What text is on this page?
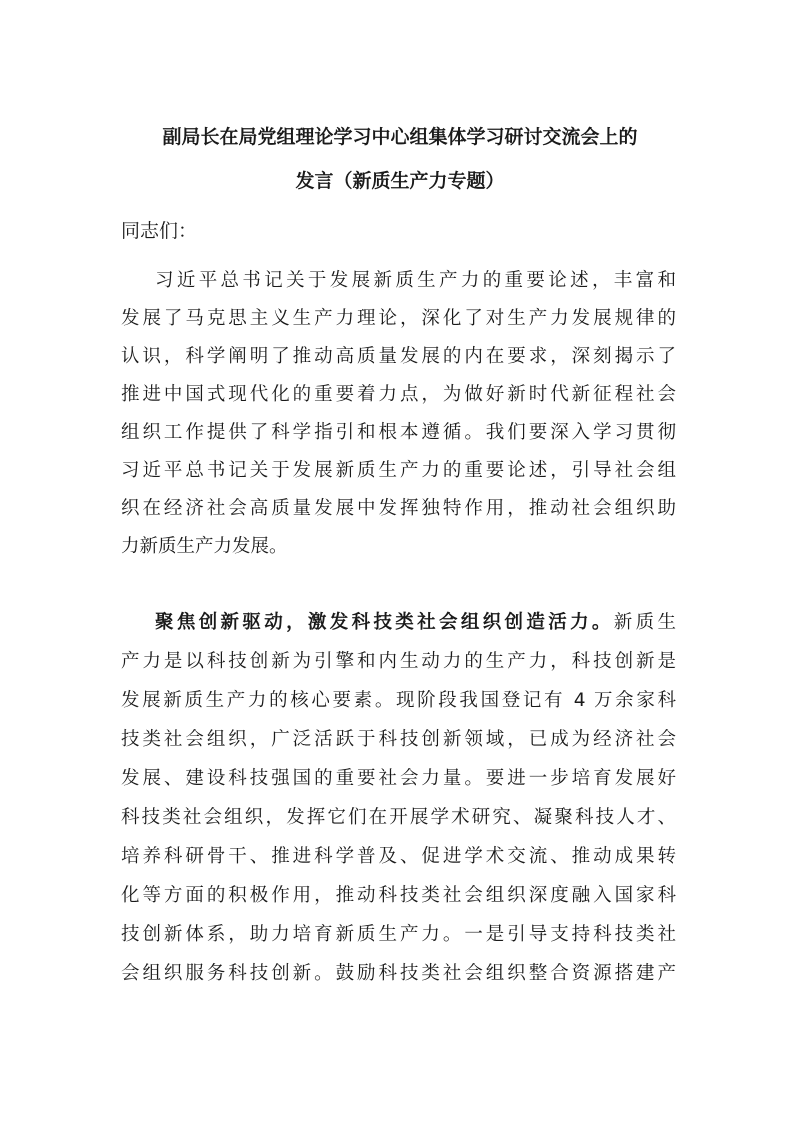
副局长在局党组理论学习中心组集体学习研讨交流会上的
发言（新质生产力专题）
同志们：
习近平总书记关于发展新质生产力的重要论述，丰富和
发展了马克思主义生产力理论，深化了对生产力发展规律的
认识，科学阐明了推动高质量发展的内在要求，深刻揭示了
推进中国式现代化的重要着力点，为做好新时代新征程社会
组织工作提供了科学指引和根本遵循。我们要深入学习贯彻
习近平总书记关于发展新质生产力的重要论述，引导社会组
织在经济社会高质量发展中发挥独特作用，推动社会组织助
力新质生产力发展。
聚焦创新驱动，激发科技类社会组织创造活力。新质生
产力是以科技创新为引擎和内生动力的生产力，科技创新是
发展新质生产力的核心要素。现阶段我国登记有 4 万余家科
技类社会组织，广泛活跃于科技创新领域，已成为经济社会
发展、建设科技强国的重要社会力量。要进一步培育发展好
科技类社会组织，发挥它们在开展学术研究、凝聚科技人才、
培养科研骨干、推进科学普及、促进学术交流、推动成果转
化等方面的积极作用，推动科技类社会组织深度融入国家科
技创新体系，助力培育新质生产力。一是引导支持科技类社
会组织服务科技创新。鼓励科技类社会组织整合资源搭建产
